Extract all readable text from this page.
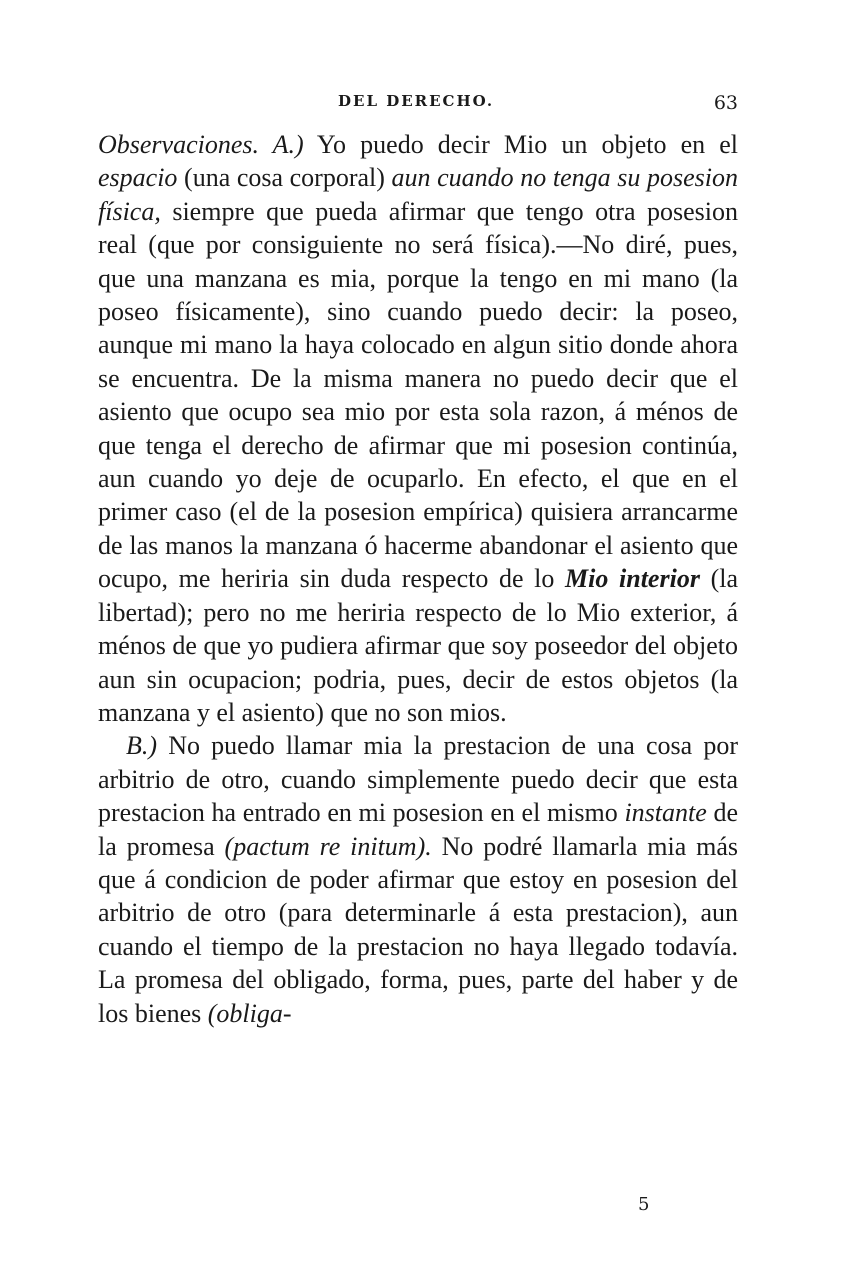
DEL DERECHO.	63

Observaciones. A.) Yo puedo decir Mio un objeto en el espacio (una cosa corporal) aun cuando no tenga su posesion física, siempre que pueda afirmar que tengo otra posesion real (que por consiguiente no será física).—No diré, pues, que una manzana es mia, porque la tengo en mi mano (la poseo físicamente), sino cuando puedo decir: la poseo, aunque mi mano la haya colocado en algun sitio donde ahora se encuentra. De la misma manera no puedo decir que el asiento que ocupo sea mio por esta sola razon, á ménos de que tenga el derecho de afirmar que mi posesion continúa, aun cuando yo deje de ocuparlo. En efecto, el que en el primer caso (el de la posesion empírica) quisiera arrancarme de las manos la manzana ó hacerme abandonar el asiento que ocupo, me heriria sin duda respecto de lo Mio interior (la libertad); pero no me heriria respecto de lo Mio exterior, á ménos de que yo pudiera afirmar que soy poseedor del objeto aun sin ocupacion; podria, pues, decir de estos objetos (la manzana y el asiento) que no son mios.

B.) No puedo llamar mia la prestacion de una cosa por arbitrio de otro, cuando simplemente puedo decir que esta prestacion ha entrado en mi posesion en el mismo instante de la promesa (pactum re initum). No podré llamarla mia más que á condicion de poder afirmar que estoy en posesion del arbitrio de otro (para determinarle á esta prestacion), aun cuando el tiempo de la prestacion no haya llegado todavía. La promesa del obligado, forma, pues, parte del haber y de los bienes (obliga-

5
